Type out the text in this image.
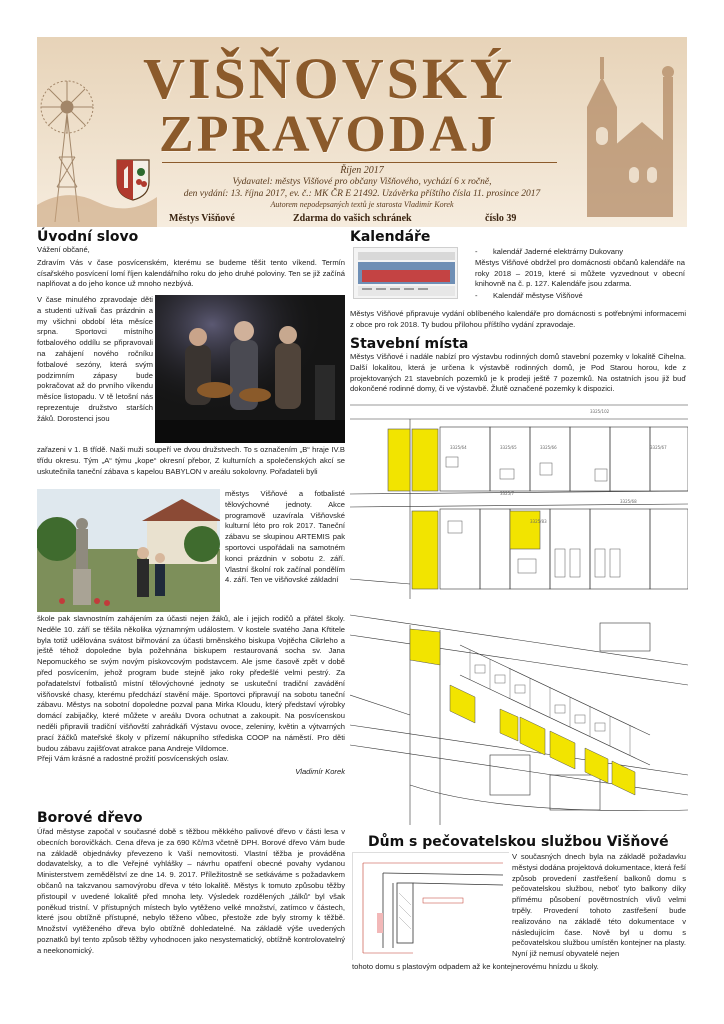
VIŠŇOVSKÝ
ZPRAVODAJ
Říjen 2017
Vydavatel: městys Višňové pro občany Višňového, vychází 6 x ročně,
den vydání: 13. října 2017, ev. č.: MK ČR E 21492. Uzávěrka příštího čísla 11. prosince 2017
Autorem nepodepsaných textů je starosta Vladimír Korek
Městys Višňové	Zdarma do vašich schránek	číslo 39
Úvodní slovo

Vážení občané,

Zdravím Vás v čase posvícenském, kterému se budeme těšit tento víkend. Termín císařského posvícení lomí říjen kalendářního roku do jeho druhé poloviny. Ten se již začíná naplňovat a do jeho konce už mnoho nezbývá.

V čase minulého zpravodaje děti a studenti užívali čas prázdnin a my všichni období léta měsíce srpna. Sportovci místního fotbalového oddílu se připravovali na zahájení nového ročníku fotbalové sezóny, která svým podzimním zápasy bude pokračovat až do prvního víkendu měsíce listopadu. V tě letošní nás reprezentuje družstvo starších žáků. Dorostenci jsou
zařazeni v 1. B třídě. Naši muži soupeří ve dvou družstvech. To s označením „B“ hraje IV.B třídu okresu. Tým „A“ týmu „kope“ okresní přebor, Z kulturních a společenských akcí se uskutečnila taneční zábava s kapelou BABYLON v areálu sokolovny. Pořadateli byli
městys Višňové a fotbalisté tělovýchovné jednoty. Akce programově uzavírala Višňovské kulturní léto pro rok 2017. Taneční zábavu se skupinou ARTEMIS pak sportovci uspořádali na samotném konci prázdnin v sobotu 2. září. Vlastní školní rok začínal pondělím 4. září. Ten ve višňovské základní

škole pak slavnostním zahájením za účasti nejen žáků, ale i jejich rodičů a přátel školy. Neděle 10. září se těšila několika významným událostem. V kostele svatého Jana Křtitele byla totiž udělována svátost biřmování za účasti brněnského biskupa Vojtěcha Cikrleho a ještě téhož dopoledne byla požehnána biskupem restaurovaná socha sv. Jana Nepomuckého se svým novým pískovcovým podstavcem. Ale jsme časově zpět v době před posvícením, jehož program bude stejně jako roky předešlé velmi pestrý. Za pořadatelství fotbalistů místní tělovýchovné jednoty se uskuteční tradiční zavádění višňovské chasy, kterému předchází stavění máje. Sportovci připravují na sobotu taneční zábavu. Městys na sobotní dopoledne pozval pana Mirka Kloudu, který představí výrobky domácí zabijačky, které můžete v areálu Dvora ochutnat a zakoupit. Na posvícenskou neděli připravili tradiční višňovští zahrádkáři Výstavu ovoce, zeleniny, květin a výtvarných prací žáčků mateřské školy v přízemí nákupního střediska COOP na náměstí. Pro děti budou zábavu zajišťovat atrakce pana Andreje Vildomce.

Přeji Vám krásné a radostné prožití posvícenských oslav.

Vladimír Korek

Borové dřevo
Úřad městyse započal v současné době s těžbou měkkého palivové dřevo v části lesa v obecních borovičkách. Cena dřeva je za 690 Kč/m3 včetně DPH. Borové dřevo Vám bude na základě objednávky převezeno k Vaší nemovitosti. Vlastní těžba je prováděna dodavatelsky, a to dle Veřejné vyhlášky – návrhu opatření obecné povahy vydanou Ministerstvem zemědělství ze dne 14. 9. 2017. Příležitostně se setkáváme s požadavkem občanů na takzvanou samovýrobu dřeva v této lokalitě. Městys k tomuto způsobu těžby přistoupil v uvedené lokalitě před mnoha lety. Výsledek rozdělených „tálků“ byl však poněkud tristní. V přístupných místech bylo vytěženo velké množství, zatímco v částech, které jsou obtížně přístupné, nebylo těženo vůbec, přestože zde byly stromy k těžbě. Množství vytěženého dřeva bylo obtížně dohledatelné. Na základě výše uvedených poznatků byl tento způsob těžby vyhodnocen jako nesystematický, obtížně kontrolovatelný a neekonomický.
Kalendáře
-	kalendář Jaderné elektrárny Dukovany

Městys Višňové obdržel pro domácnosti občanů kalendáře na roky 2018 – 2019, které si můžete vyzvednout v obecní knihovně na č. p. 127. Kalendáře jsou zdarma.

-	Kalendář městyse Višňové
Městys Višňové připravuje vydání oblíbeného kalendáře pro domácnosti s potřebnými informacemi z obce pro rok 2018. Ty budou přílohou příštího vydání zpravodaje.
Stavební místa
Městys Višňové i nadále nabízí pro výstavbu rodinných domů stavební pozemky v lokalitě Cihelna. Další lokalitou, která je určena k výstavbě rodinných domů, je Pod Starou horou, kde z projektovaných 21 stavebních pozemků je k prodeji ještě 7 pozemků. Na ostatních jsou již buď dokončené rodinné domy, či ve výstavbě. Žlutě označené pozemky k dispozici.
3325/64	3325/65	3325/66
3325/102
3325/67
3325/68
3325/83
3325/7
Dům s pečovatelskou službou Višňové
V současných dnech byla na základě požadavku městysi dodána projektová dokumentace, která řeší způsob provedení zastřešení balkonů domu s pečovatelskou službou, neboť tyto balkony díky přímému působení povětrnostních vlivů velmi trpěly. Provedení tohoto zastřešení bude realizováno na základě této dokumentace v následujícím čase. Nově byl u domu s pečovatelskou službou umístěn kontejner na plasty. Nyní již nemusí obyvatelé nejen
tohoto domu s plastovým odpadem až ke kontejnerovému hnízdu u školy.
